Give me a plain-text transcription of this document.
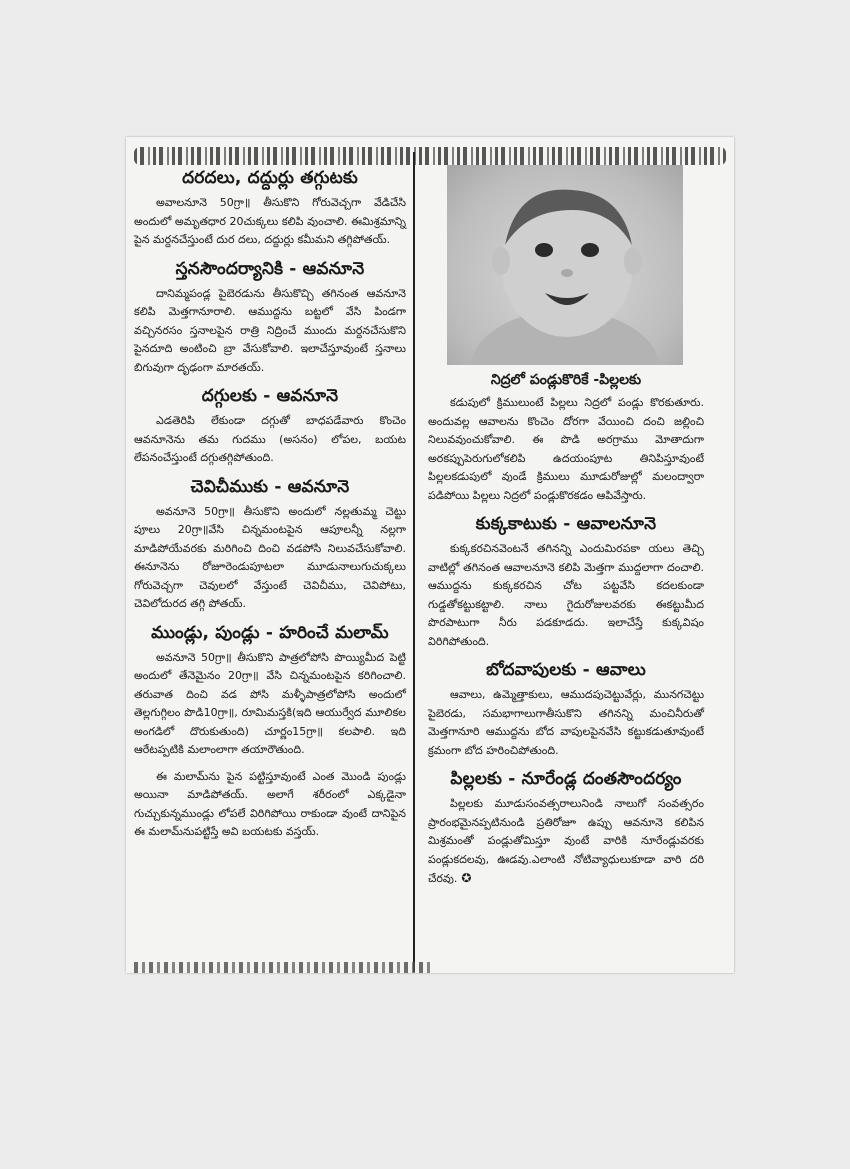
దరదలు, దద్దుర్లు తగ్గుటకు

అవాలనూనె 50గ్రా॥ తీసుకొని గోరువెచ్చగా వేడిచేసి అందులో అమృతధార 20చుక్కలు కలిపి వుంచాలి. ఈమిశ్రమాన్ని పైన మర్దనచేస్తుంటే దుర దలు, దద్దుర్లు కమీమని తగ్గిపోతయ్.

స్తనసౌందర్యానికి - ఆవనూనె

దానిమ్మపండ్ల పైబెరడును తీసుకొచ్చి తగినంత ఆవనూనె కలిపి మెత్తగానూరాలి. ఆముద్దను బట్టలో వేసి పిండగా వచ్చినరసం స్తనాలపైన రాత్రి నిద్రించే ముందు మర్దనచేసుకొని పైనదూది అంటించి బ్రా వేసుకోవాలి. ఇలాచేస్తూవుంటే స్తనాలు బిగువుగా దృఢంగా మారతయ్.

దగ్గులకు - ఆవనూనె

ఎడతెరిపి లేకుండా దగ్గుతో బాధపడేవారు కొంచెం ఆవనూనెను తమ గుదము (అసనం) లోపల, బయట లేపనంచేస్తుంటే దగ్గుతగ్గిపోతుంది.

చెవిచీముకు - ఆవనూనె

అవనూనె 50గ్రా॥ తీసుకొని అందులో నల్లతుమ్మ చెట్టు పూలు 20గ్రా॥వేసి చిన్నమంటపైన ఆపూలన్నీ నల్లగా మాడిపోయేవరకు మరిగించి దించి వడపోసి నిలువచేసుకోవాలి. ఈనూనెను రోజూరెండుపూటలా మూడునాలుగుచుక్కలు గోరువెచ్చగా చెవులలో వేస్తుంటే చెవిచీము, చెవిపోటు, చెవిలోదురద తగ్గి పోతయ్.

ముండ్లు, పుండ్లు - హరించే మలామ్

అవనూనె 50గ్రా॥ తీసుకొని పాత్రలోపోసి పొయ్యిమీద పెట్టి అందులో తేనెమైనం 20గ్రా॥ వేసి చిన్నమంటపైన కరిగించాలి. తరువాత దించి వడ పోసి మళ్ళీపాత్రలోపోసి అందులో తెల్లగుగ్గిలం పొడి10గ్రా॥, రూమిమస్తకి(ఇది ఆయుర్వేద మూలికల అంగడిలో దొరుకుతుంది) చూర్ణం15గ్రా॥ కలపాలి. ఇది ఆరేటప్పటికి మలాంలాగా తయారౌతుంది.

ఈ మలామ్‌ను పైన పట్టిస్తూవుంటే ఎంత మొండి పుండ్లు అయినా మాడిపోతయ్. అలాగే శరీరంలో ఎక్కడైనా గుచ్చుకున్నముండ్లు లోపలే విరిగిపోయి రాకుండా వుంటే దానిపైన ఈ మలామ్‌నుపట్టిస్తే అవి బయటకు వస్తయ్.

నిద్రలో పండ్లుకొరికే -పిల్లలకు

కడుపులో క్రిములుంటే పిల్లలు నిద్రలో పండ్లు కొరకుతూరు. అందువల్ల ఆవాలను కొంచెం దోరగా వేయించి దంచి జల్లించి నిలువవుంచుకోవాలి. ఈ పొడి అరగ్రాము మోతాదుగా అరకప్పుపెరుగులోకలిపి ఉదయంపూట తినిపిస్తూవుంటే పిల్లలకడుపులో వుండే క్రిములు మూడురోజుల్లో మలంద్వారా పడిపోయి పిల్లలు నిద్రలో పండ్లుకొరకడం ఆపివేస్తారు.

కుక్కకాటుకు - ఆవాలనూనె

కుక్కకరచినవెంటనే తగినన్ని ఎందుమిరపకా యలు తెచ్చి వాటిల్లో తగినంత ఆవాలనూనె కలిపి మెత్తగా ముద్దలాగా దంచాలి. ఆముద్దను కుక్కకరచిన చోట పట్టవేసి కదలకుండా గుడ్డతోకట్టుకట్టాలి. నాలు గైదురోజులవరకు ఈకట్టుమీద పొరపాటుగా నీరు పడకూడదు. ఇలాచేస్తే కుక్కవిషం విరిగిపోతుంది.

బోదవాపులకు - ఆవాలు

ఆవాలు, ఉమ్మెత్తాకులు, ఆముదపుచెట్టువేర్లు, మునగచెట్టు పైబెరడు, సమభాగాలుగాతీసుకొని తగినన్ని మంచినీరుతో మెత్తగానూరి ఆముద్దను బోద వాపులపైనవేసి కట్టుకడుతూవుంటే క్రమంగా బోద హరించిపోతుంది.

పిల్లలకు - నూరేండ్ల దంతసౌందర్యం

పిల్లలకు మూడుసంవత్సరాలునిండి నాలుగో సంవత్సరం ప్రారంభమైనప్పటినుండి ప్రతిరోజూ ఉప్పు ఆవనూనె కలిపిన మిశ్రమంతో పండ్లుతోమిస్తూ వుంటే వారికి నూరేండ్లువరకు పండ్లుకదలవు, ఊడవు.ఎలాంటి నోటివ్యాధులుకూడా వారి దరి చేరవు. ✪
